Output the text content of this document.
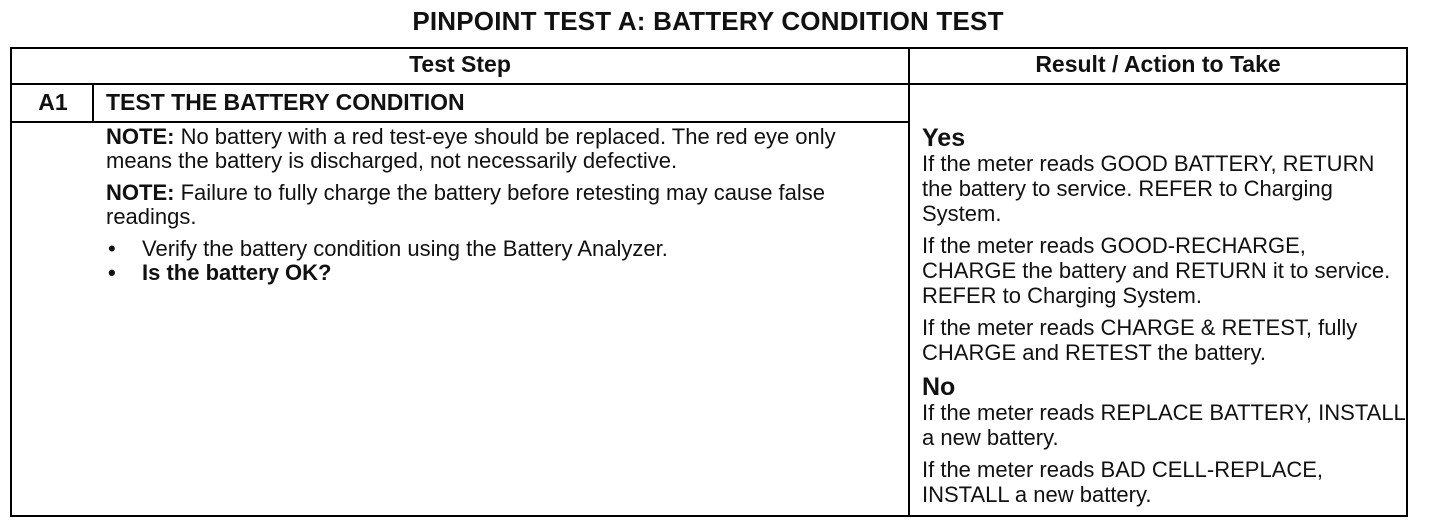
PINPOINT TEST A: BATTERY CONDITION TEST
Test Step	Result / Action to Take
A1	TEST THE BATTERY CONDITION

NOTE: No battery with a red test-eye should be replaced. The red eye only means the battery is discharged, not necessarily defective.

NOTE: Failure to fully charge the battery before retesting may cause false readings.

• Verify the battery condition using the Battery Analyzer.

• Is the battery OK?

Yes

If the meter reads GOOD BATTERY, RETURN the battery to service. REFER to Charging System.

If the meter reads GOOD-RECHARGE, CHARGE the battery and RETURN it to service. REFER to Charging System.

If the meter reads CHARGE & RETEST, fully CHARGE and RETEST the battery.

No

If the meter reads REPLACE BATTERY, INSTALL a new battery.

If the meter reads BAD CELL-REPLACE, INSTALL a new battery.
